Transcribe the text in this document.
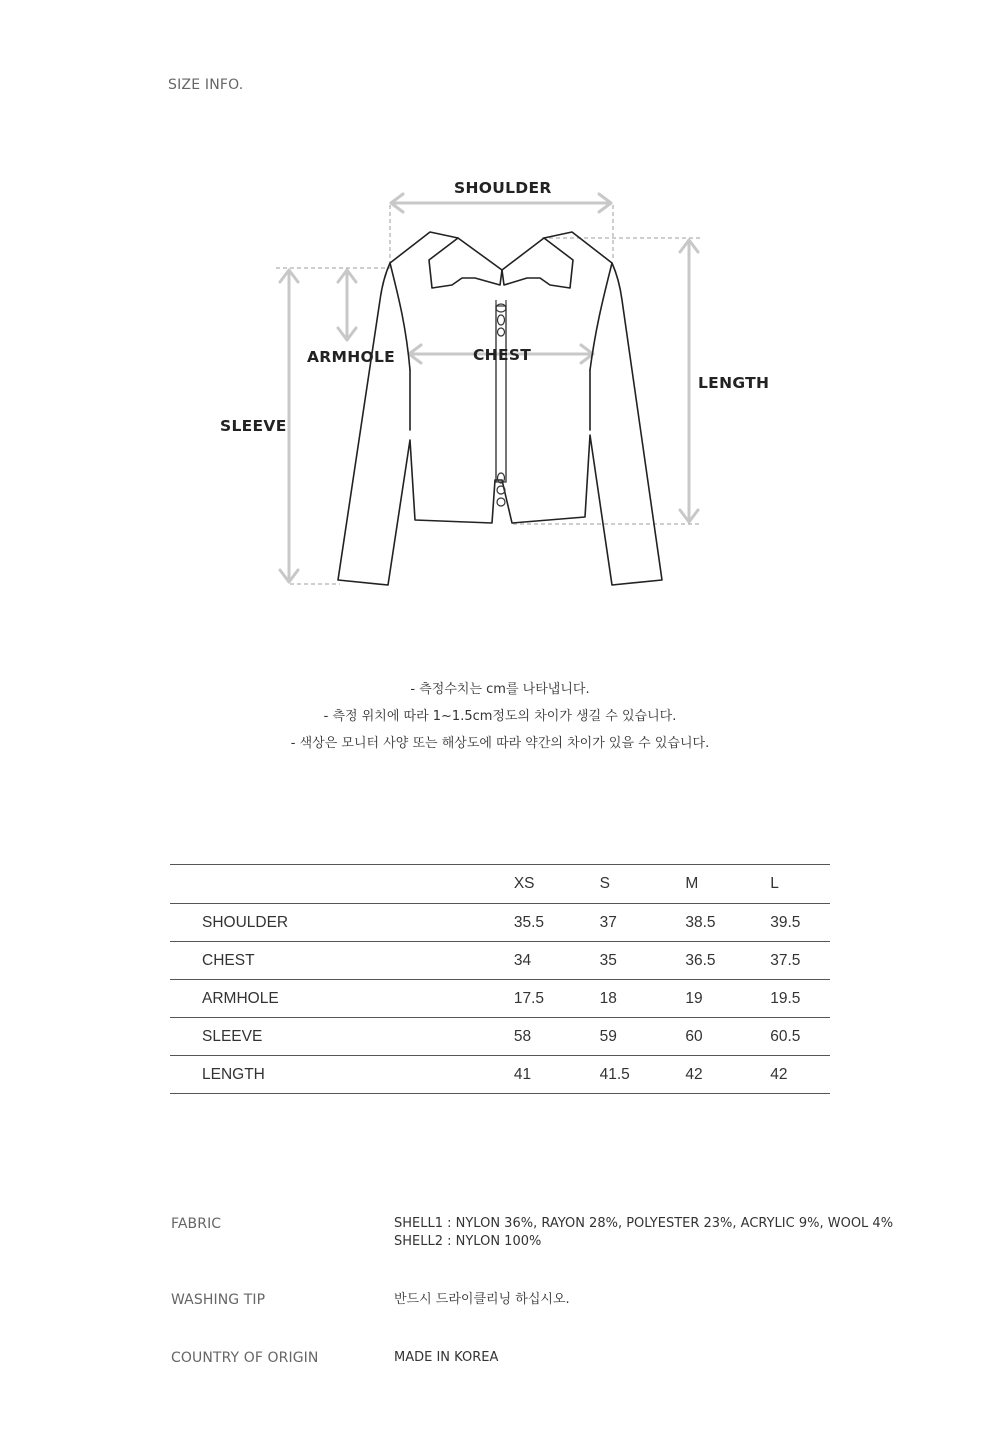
SIZE INFO.
SHOULDER
ARMHOLE	CHEST
LENGTH
SLEEVE
- 측정수치는 cm를 나타냅니다.
- 측정 위치에 따라 1~1.5cm정도의 차이가 생길 수 있습니다.
- 색상은 모니터 사양 또는 해상도에 따라 약간의 차이가 있을 수 있습니다.
	XS	S	M	L
SHOULDER	35.5	37	38.5	39.5
CHEST	34	35	36.5	37.5
ARMHOLE	17.5	18	19	19.5
SLEEVE	58	59	60	60.5
LENGTH	41	41.5	42	42
FABRIC	SHELL1 : NYLON 36%, RAYON 28%, POLYESTER 23%, ACRYLIC 9%, WOOL 4%
SHELL2 : NYLON 100%
WASHING TIP	반드시 드라이클리닝 하십시오.
COUNTRY OF ORIGIN	MADE IN KOREA
